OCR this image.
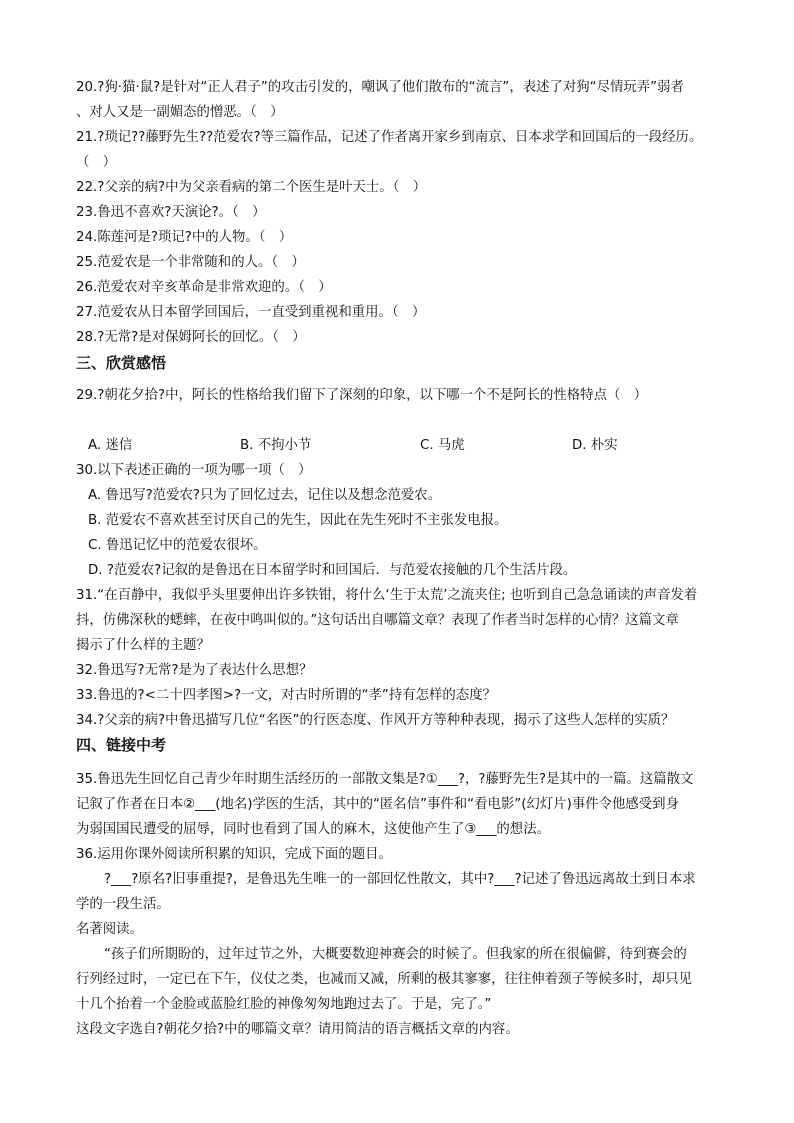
20.?狗·猫·鼠?是针对“正人君子”的攻击引发的，嘲讽了他们散布的“流言”，表述了对狗“尽情玩弄”弱者
、对人又是一副媚态的憎恶。（　）
21.?琐记??藤野先生??范爱农?等三篇作品，记述了作者离开家乡到南京、日本求学和回国后的一段经历。
（　）
22.?父亲的病?中为父亲看病的第二个医生是叶天士。（　）
23.鲁迅不喜欢?天演论?。（　）
24.陈莲河是?琐记?中的人物。（　）
25.范爱农是一个非常随和的人。（　）
26.范爱农对辛亥革命是非常欢迎的。（　）
27.范爱农从日本留学回国后，一直受到重视和重用。（　）
28.?无常?是对保姆阿长的回忆。（　）
三、欣赏感悟
29.?朝花夕拾?中，阿长的性格给我们留下了深刻的印象，以下哪一个不是阿长的性格特点（　）
A. 迷信	B. 不拘小节	C. 马虎	D. 朴实
30.以下表述正确的一项为哪一项（　）
A. 鲁迅写?范爱农?只为了回忆过去，记住以及想念范爱农。
B. 范爱农不喜欢甚至讨厌自己的先生，因此在先生死时不主张发电报。
C. 鲁迅记忆中的范爱农很坏。
D. ?范爱农?记叙的是鲁迅在日本留学时和回国后．与范爱农接触的几个生活片段。
31.“在百静中，我似乎头里要伸出许多铁钳，将什么‘生于太荒’之流夹住; 也听到自己急急诵读的声音发着
抖，仿佛深秋的蟋蟀，在夜中鸣叫似的。”这句话出自哪篇文章？表现了作者当时怎样的心情？这篇文章
揭示了什么样的主题？
32.鲁迅写?无常?是为了表达什么思想？
33.鲁迅的?<二十四孝图>?一文，对古时所谓的“孝”持有怎样的态度？
34.?父亲的病?中鲁迅描写几位“名医”的行医态度、作风开方等种种表现，揭示了这些人怎样的实质？
四、链接中考
35.鲁迅先生回忆自己青少年时期生活经历的一部散文集是?①___?，?藤野先生?是其中的一篇。这篇散文
记叙了作者在日本②___(地名)学医的生活，其中的“匿名信”事件和“看电影”(幻灯片)事件令他感受到身
为弱国国民遭受的屈辱，同时也看到了国人的麻木，这使他产生了③___的想法。
36.运用你课外阅读所积累的知识，完成下面的题目。
?___?原名?旧事重提?，是鲁迅先生唯一的一部回忆性散文，其中?___?记述了鲁迅远离故土到日本求
学的一段生活。
名著阅读。
“孩子们所期盼的，过年过节之外，大概要数迎神赛会的时候了。但我家的所在很偏僻，待到赛会的
行列经过时，一定已在下午，仪仗之类，也减而又减，所剩的极其寥寥，往往伸着颈子等候多时，却只见
十几个抬着一个金脸或蓝脸红脸的神像匆匆地跑过去了。于是，完了。”
这段文字选自?朝花夕拾?中的哪篇文章？请用简洁的语言概括文章的内容。
